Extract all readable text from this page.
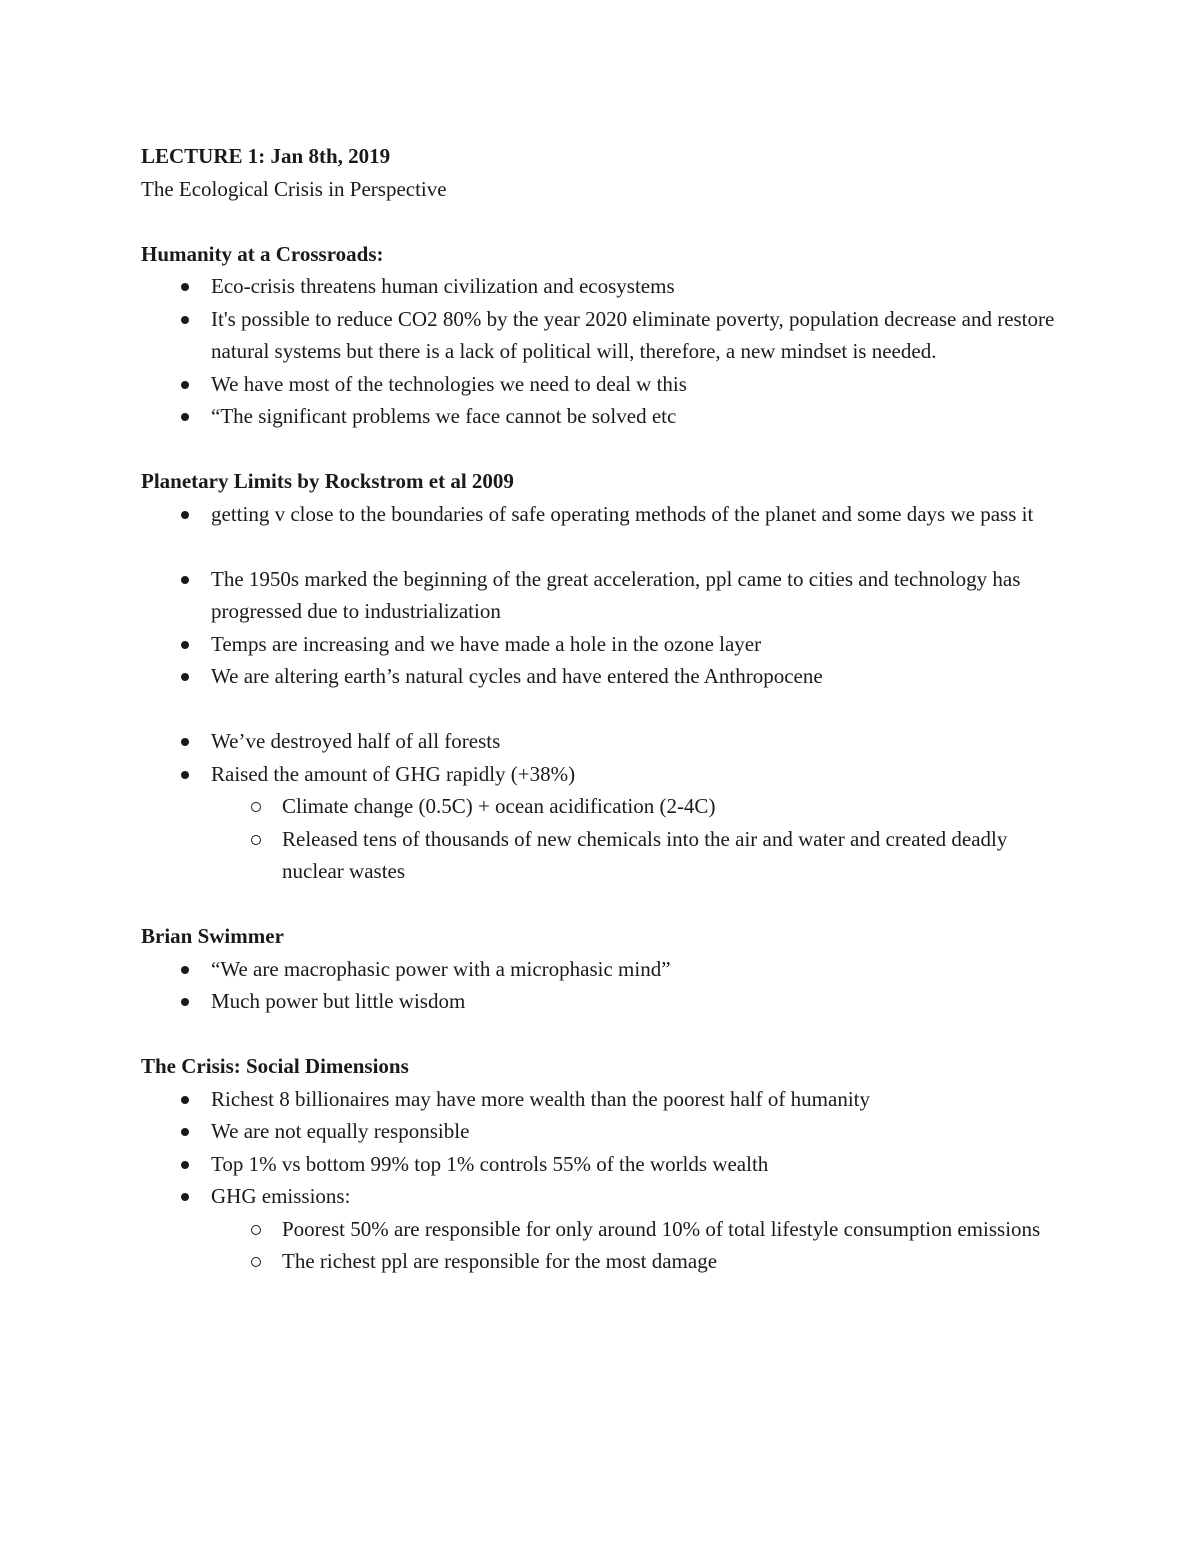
LECTURE 1: Jan 8th, 2019

The Ecological Crisis in Perspective

Humanity at a Crossroads:
Eco-crisis threatens human civilization and ecosystems
It's possible to reduce CO2 80% by the year 2020 eliminate poverty, population decrease and restore natural systems but there is a lack of political will, therefore, a new mindset is needed.
We have most of the technologies we need to deal w this
“The significant problems we face cannot be solved etc
Planetary Limits by Rockstrom et al 2009
getting v close to the boundaries of safe operating methods of the planet and some days we pass it
The 1950s marked the beginning of the great acceleration, ppl came to cities and technology has progressed due to industrialization
Temps are increasing and we have made a hole in the ozone layer
We are altering earth’s natural cycles and have entered the Anthropocene
We’ve destroyed half of all forests
Raised the amount of GHG rapidly (+38%)
Climate change (0.5C) + ocean acidification (2-4C)
Released tens of thousands of new chemicals into the air and water and created deadly nuclear wastes
Brian Swimmer
“We are macrophasic power with a microphasic mind”
Much power but little wisdom
The Crisis: Social Dimensions
Richest 8 billionaires may have more wealth than the poorest half of humanity
We are not equally responsible
Top 1% vs bottom 99% top 1% controls 55% of the worlds wealth
GHG emissions:
Poorest 50% are responsible for only around 10% of total lifestyle consumption emissions
The richest ppl are responsible for the most damage
